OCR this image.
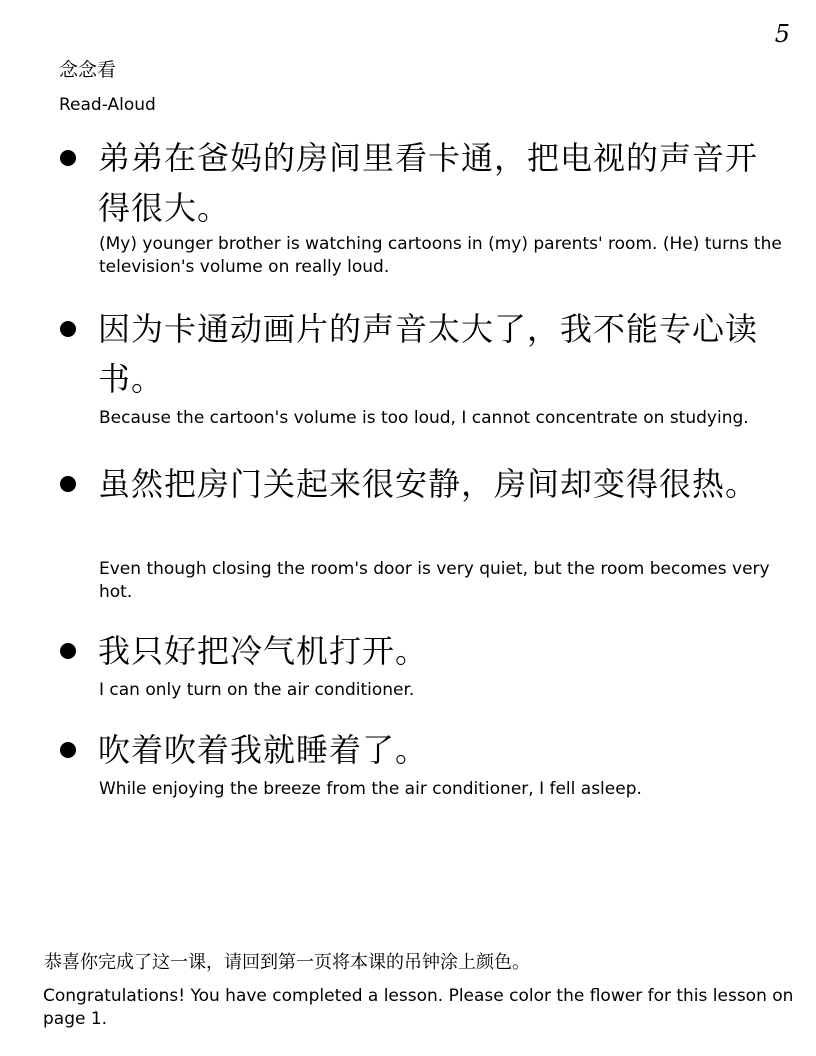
5
念念看
Read-Aloud
弟弟在爸妈的房间里看卡通，把电视的声音开得很大。
(My) younger brother is watching cartoons in (my) parents' room. (He) turns the television's volume on really loud.
因为卡通动画片的声音太大了，我不能专心读书。
Because the cartoon's volume is too loud, I cannot concentrate on studying.
虽然把房门关起来很安静，房间却变得很热。
Even though closing the room's door is very quiet, but the room becomes very hot.
我只好把冷气机打开。
I can only turn on the air conditioner.
吹着吹着我就睡着了。
While enjoying the breeze from the air conditioner, I fell asleep.
恭喜你完成了这一课，请回到第一页将本课的吊钟涂上颜色。
Congratulations! You have completed a lesson. Please color the flower for this lesson on page 1.
